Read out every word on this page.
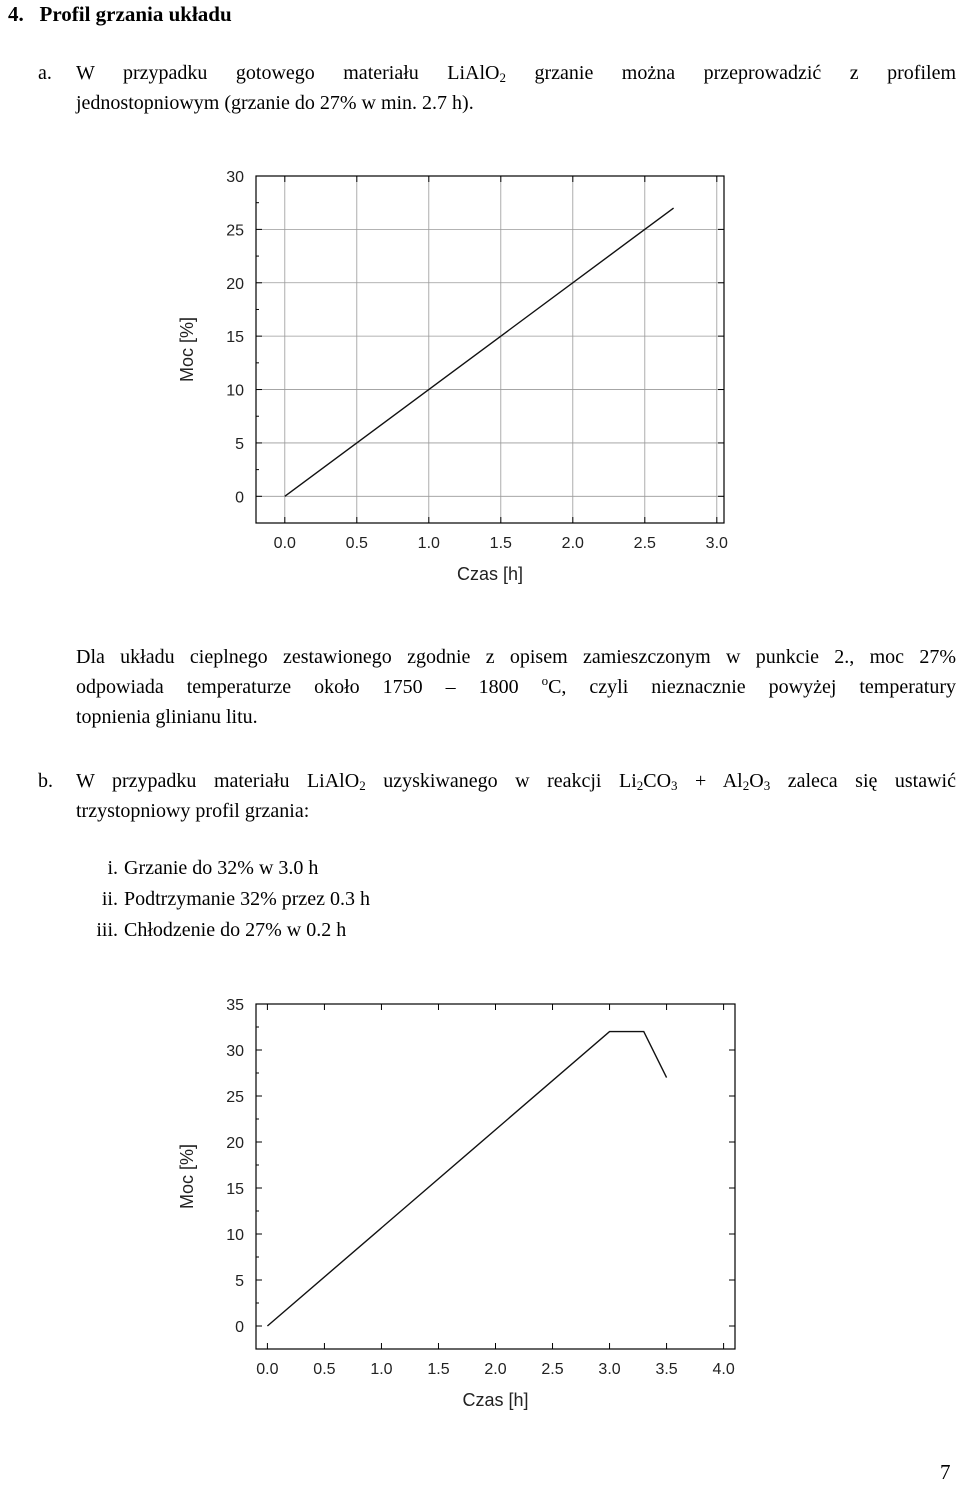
4. Profil grzania układu
a. W przypadku gotowego materiału LiAlO$_2$ grzanie można przeprowadzić z profilem
jednostopniowym (grzanie do 27% w min. 2.7 h).
0
5
10
15
20
25
30
0.0	0.5	1.0	1.5	2.0	2.5	3.0
Czas [h]
Moc [%]
Dla układu cieplnego zestawionego zgodnie z opisem zamieszczonym w punkcie 2., moc 27%
odpowiada temperaturze około 1750 – 1800 $^o$C, czyli nieznacznie powyżej temperatury
topnienia glinianu litu.
b. W przypadku materiału LiAlO$_2$ uzyskiwanego w reakcji $Li_2CO_3 + Al_2O_3$ zaleca się ustawić
trzystopniowy profil grzania:
i. Grzanie do 32% w 3.0 h
ii. Podtrzymanie 32% przez 0.3 h
iii. Chłodzenie do 27% w 0.2 h
0
5
10
15
20
25
30
35
0.0 0.5 1.0 1.5 2.0 2.5 3.0 3.5 4.0
Czas [h]
Moc [%]
7
